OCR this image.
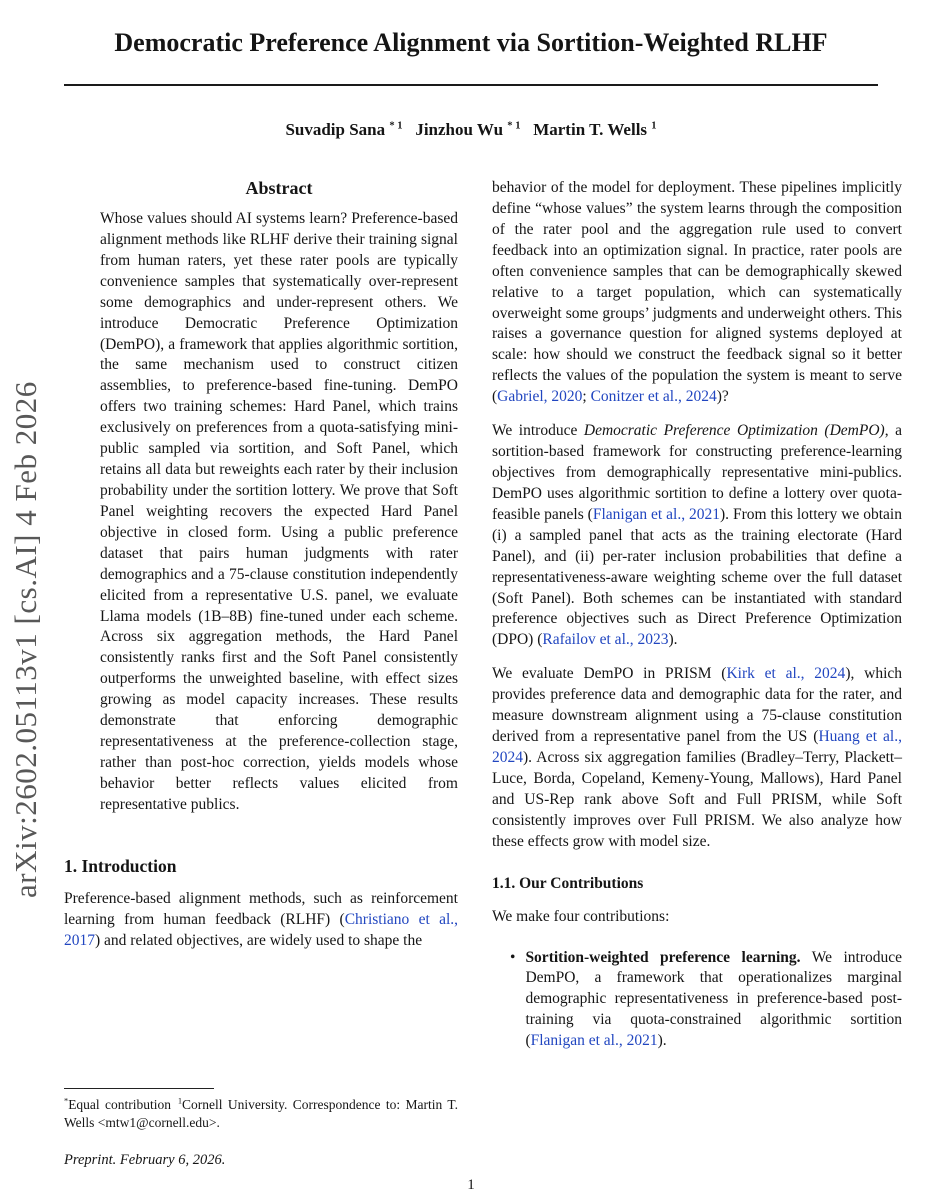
arXiv:2602.05113v1 [cs.AI] 4 Feb 2026
Democratic Preference Alignment via Sortition-Weighted RLHF
Suvadip Sana $^{* 1}$   Jinzhou Wu $^{* 1}$   Martin T. Wells $^1$
Abstract

Whose values should AI systems learn? Preference-based alignment methods like RLHF derive their training signal from human raters, yet these rater pools are typically convenience samples that systematically over-represent some demographics and under-represent others. We introduce Democratic Preference Optimization (DemPO), a framework that applies algorithmic sortition, the same mechanism used to construct citizen assemblies, to preference-based fine-tuning. DemPO offers two training schemes: Hard Panel, which trains exclusively on preferences from a quota-satisfying mini-public sampled via sortition, and Soft Panel, which retains all data but reweights each rater by their inclusion probability under the sortition lottery. We prove that Soft Panel weighting recovers the expected Hard Panel objective in closed form. Using a public preference dataset that pairs human judgments with rater demographics and a 75-clause constitution independently elicited from a representative U.S. panel, we evaluate Llama models (1B–8B) fine-tuned under each scheme. Across six aggregation methods, the Hard Panel consistently ranks first and the Soft Panel consistently outperforms the unweighted baseline, with effect sizes growing as model capacity increases. These results demonstrate that enforcing demographic representativeness at the preference-collection stage, rather than post-hoc correction, yields models whose behavior better reflects values elicited from representative publics.

1. Introduction

Preference-based alignment methods, such as reinforcement learning from human feedback (RLHF) (Christiano et al., 2017) and related objectives, are widely used to shape the

behavior of the model for deployment. These pipelines implicitly define “whose values” the system learns through the composition of the rater pool and the aggregation rule used to convert feedback into an optimization signal. In practice, rater pools are often convenience samples that can be demographically skewed relative to a target population, which can systematically overweight some groups’ judgments and underweight others. This raises a governance question for aligned systems deployed at scale: how should we construct the feedback signal so it better reflects the values of the population the system is meant to serve (Gabriel, 2020; Conitzer et al., 2024)?

We introduce Democratic Preference Optimization (DemPO), a sortition-based framework for constructing preference-learning objectives from demographically representative mini-publics. DemPO uses algorithmic sortition to define a lottery over quota-feasible panels (Flanigan et al., 2021). From this lottery we obtain (i) a sampled panel that acts as the training electorate (Hard Panel), and (ii) per-rater inclusion probabilities that define a representativeness-aware weighting scheme over the full dataset (Soft Panel). Both schemes can be instantiated with standard preference objectives such as Direct Preference Optimization (DPO) (Rafailov et al., 2023).

We evaluate DemPO in PRISM (Kirk et al., 2024), which provides preference data and demographic data for the rater, and measure downstream alignment using a 75-clause constitution derived from a representative panel from the US (Huang et al., 2024). Across six aggregation families (Bradley–Terry, Plackett–Luce, Borda, Copeland, Kemeny-Young, Mallows), Hard Panel and US-Rep rank above Soft and Full PRISM, while Soft consistently improves over Full PRISM. We also analyze how these effects grow with model size.

1.1. Our Contributions

We make four contributions:

• Sortition-weighted preference learning. We introduce DemPO, a framework that operationalizes marginal demographic representativeness in preference-based post-training via quota-constrained algorithmic sortition (Flanigan et al., 2021).

*Equal contribution $^1$Cornell University. Correspondence to: Martin T. Wells <mtw1@cornell.edu>.

Preprint. February 6, 2026.

1
